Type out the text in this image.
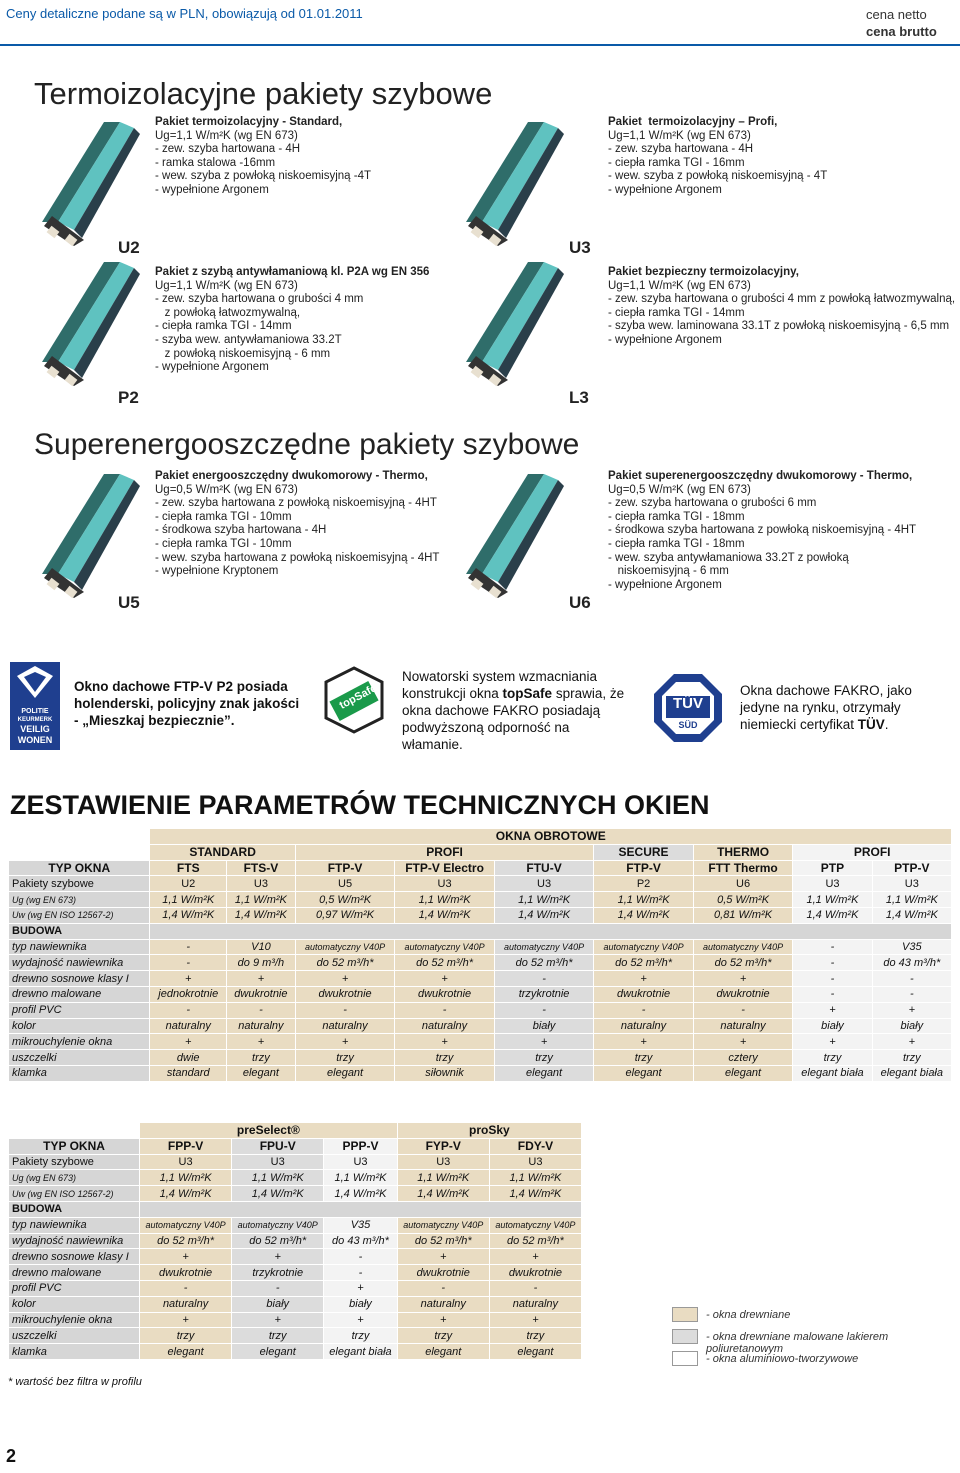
Ceny detaliczne podane są w PLN, obowiązują od 01.01.2011	cena netto
cena brutto
Termoizolacyjne pakiety szybowe
Superenergooszczędne pakiety szybowe
U2
Pakiet termoizolacyjny - Standard,
Ug=1,1 W/m²K (wg EN 673)
- zew. szyba hartowana - 4H
- ramka stalowa -16mm
- wew. szyba z powłoką niskoemisyjną -4T
- wypełnione Argonem
U3
Pakiet  termoizolacyjny – Profi,
Ug=1,1 W/m²K (wg EN 673)
- zew. szyba hartowana - 4H
- ciepła ramka TGI - 16mm
- wew. szyba z powłoką niskoemisyjną - 4T
- wypełnione Argonem
P2
Pakiet z szybą antywłamaniową kl. P2A wg EN 356
Ug=1,1 W/m²K (wg EN 673)
- zew. szyba hartowana o grubości 4 mm
z powłoką łatwozmywalną,
- ciepła ramka TGI - 14mm
- szyba wew. antywłamaniowa 33.2T
z powłoką niskoemisyjną - 6 mm
- wypełnione Argonem
L3
Pakiet bezpieczny termoizolacyjny,
Ug=1,1 W/m²K (wg EN 673)
- zew. szyba hartowana o grubości 4 mm z powłoką łatwozmywalną,
- ciepła ramka TGI - 14mm
- szyba wew. laminowana 33.1T z powłoką niskoemisyjną - 6,5 mm
- wypełnione Argonem
U5
Pakiet energooszczędny dwukomorowy - Thermo,
Ug=0,5 W/m²K (wg EN 673)
- zew. szyba hartowana z powłoką niskoemisyjną - 4HT
- ciepła ramka TGI - 10mm
- środkowa szyba hartowana - 4H
- ciepła ramka TGI - 10mm
- wew. szyba hartowana z powłoką niskoemisyjną - 4HT
- wypełnione Kryptonem
U6
Pakiet superenergooszczędny dwukomorowy - Thermo,
Ug=0,5 W/m²K (wg EN 673)
- zew. szyba hartowana o grubości 6 mm
- ciepła ramka TGI - 18mm
- środkowa szyba hartowana z powłoką niskoemisyjną - 4HT
- ciepła ramka TGI - 18mm
- wew. szyba antywłamaniowa 33.2T z powłoką
niskoemisyjną - 6 mm
- wypełnione Argonem
POLITIE
KEURMERK
VEILIG
WONEN
Okno dachowe FTP-V P2 posiada holenderski, policyjny znak jakości - „Mieszkaj bezpiecznie”.
topSafe
Nowatorski system wzmacniania konstrukcji okna topSafe sprawia, że okna dachowe FAKRO posiadają podwyższoną odporność na włamanie.
TÜV
SÜD
Okna dachowe FAKRO, jako jedyne na rynku, otrzymały niemiecki certyfikat TÜV.
ZESTAWIENIE PARAMETRÓW TECHNICZNYCH OKIEN
	OKNA OBROTOWE								
	STANDARD		PROFI			SECURE	THERMO	PROFI	
TYP OKNA	FTS	FTS-V	FTP-V	FTP-V Electro	FTU-V	FTP-V	FTT Thermo	PTP	PTP-V
Pakiety szybowe	U2	U3	U5	U3	U3	P2	U6	U3	U3
Ug (wg EN 673)	1,1 W/m²K	1,1 W/m²K	0,5 W/m²K	1,1 W/m²K	1,1 W/m²K	1,1 W/m²K	0,5 W/m²K	1,1 W/m²K	1,1 W/m²K
Uw (wg EN ISO 12567-2)	1,4 W/m²K	1,4 W/m²K	0,97 W/m²K	1,4 W/m²K	1,4 W/m²K	1,4 W/m²K	0,81 W/m²K	1,4 W/m²K	1,4 W/m²K
BUDOWA									
typ nawiewnika	-	V10	automatyczny V40P	automatyczny V40P	automatyczny V40P	automatyczny V40P	automatyczny V40P	-	V35
wydajność nawiewnika	-	do 9 m³/h	do 52 m³/h*	do 52 m³/h*	do 52 m³/h*	do 52 m³/h*	do 52 m³/h*	-	do 43 m³/h*
drewno sosnowe klasy I	+	+	+	+	-	+	+	-	-
drewno malowane	jednokrotnie	dwukrotnie	dwukrotnie	dwukrotnie	trzykrotnie	dwukrotnie	dwukrotnie	-	-
profil PVC	-	-	-	-	-	-	-	+	+
kolor	naturalny	naturalny	naturalny	naturalny	biały	naturalny	naturalny	biały	biały
mikrouchylenie okna	+	+	+	+	+	+	+	+	+
uszczelki	dwie	trzy	trzy	trzy	trzy	trzy	cztery	trzy	trzy
klamka	standard	elegant	elegant	siłownik	elegant	elegant	elegant	elegant biała	elegant biała
	preSelect®			proSky	
TYP OKNA	FPP-V	FPU-V	PPP-V	FYP-V	FDY-V
Pakiety szybowe	U3	U3	U3	U3	U3
Ug (wg EN 673)	1,1 W/m²K	1,1 W/m²K	1,1 W/m²K	1,1 W/m²K	1,1 W/m²K
Uw (wg EN ISO 12567-2)	1,4 W/m²K	1,4 W/m²K	1,4 W/m²K	1,4 W/m²K	1,4 W/m²K
BUDOWA					
typ nawiewnika	automatyczny V40P	automatyczny V40P	V35	automatyczny V40P	automatyczny V40P
wydajność nawiewnika	do 52 m³/h*	do 52 m³/h*	do 43 m³/h*	do 52 m³/h*	do 52 m³/h*
drewno sosnowe klasy I	+	+	-	+	+
drewno malowane	dwukrotnie	trzykrotnie	-	dwukrotnie	dwukrotnie
profil PVC	-	-	+	-	-
kolor	naturalny	biały	biały	naturalny	naturalny
mikrouchylenie okna	+	+	+	+	+
uszczelki	trzy	trzy	trzy	trzy	trzy
klamka	elegant	elegant	elegant biała	elegant	elegant
- okna drewniane
- okna drewniane malowane lakierem poliuretanowym
- okna aluminiowo-tworzywowe
* wartość bez filtra w profilu
2
